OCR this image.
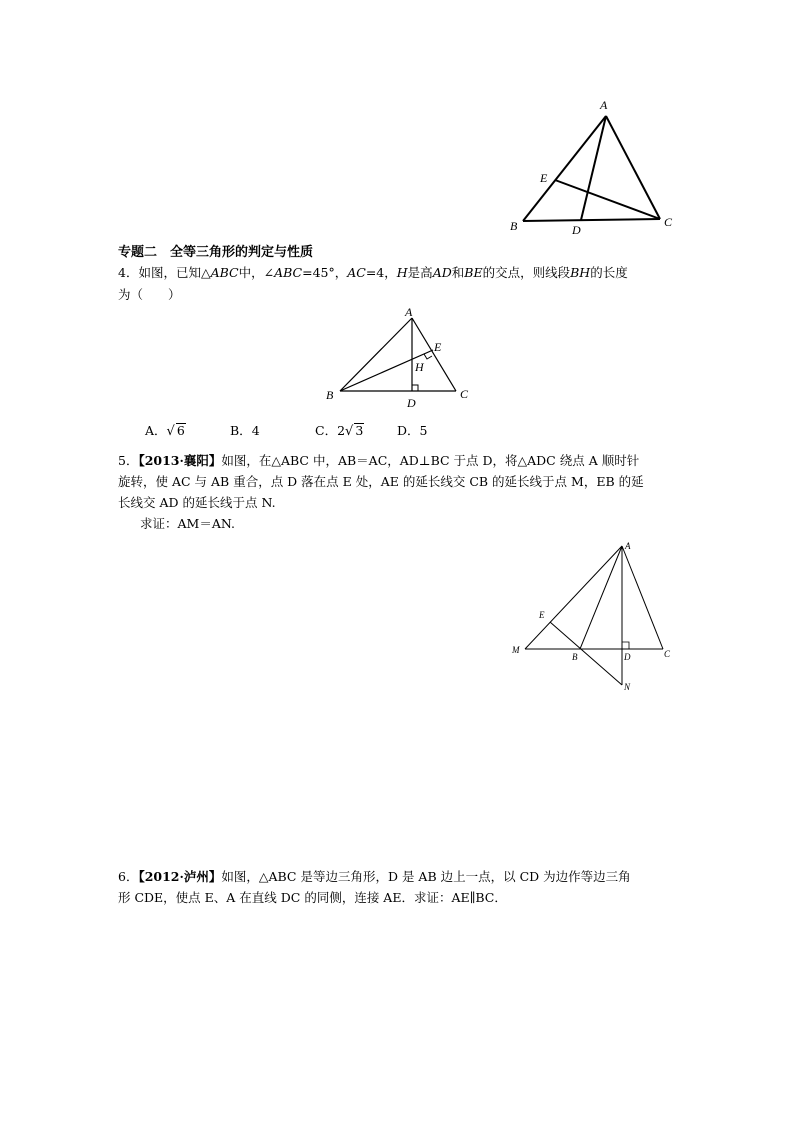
A
E
B	D
C
专题二　全等三角形的判定与性质
4．如图，已知△ABC中，∠ABC=45°，AC=4，H是高AD和BE的交点，则线段BH的长度
为（　　）
A
E
H
B
D
C
A．√ 6	B．4	C．2√ 3	D．5
5．【2013·襄阳】如图，在△ABC 中，AB＝AC，AD⊥BC 于点 D，将△ADC 绕点 A 顺时针
旋转，使 AC 与 AB 重合，点 D 落在点 E 处，AE 的延长线交 CB 的延长线于点 M，EB 的延
长线交 AD 的延长线于点 N.
求证：AM＝AN.
A
E
M
B	D	C
N
6．【2012·泸州】如图，△ABC 是等边三角形，D 是 AB 边上一点，以 CD 为边作等边三角
形 CDE，使点 E、A 在直线 DC 的同侧，连接 AE．求证：AE∥BC．
